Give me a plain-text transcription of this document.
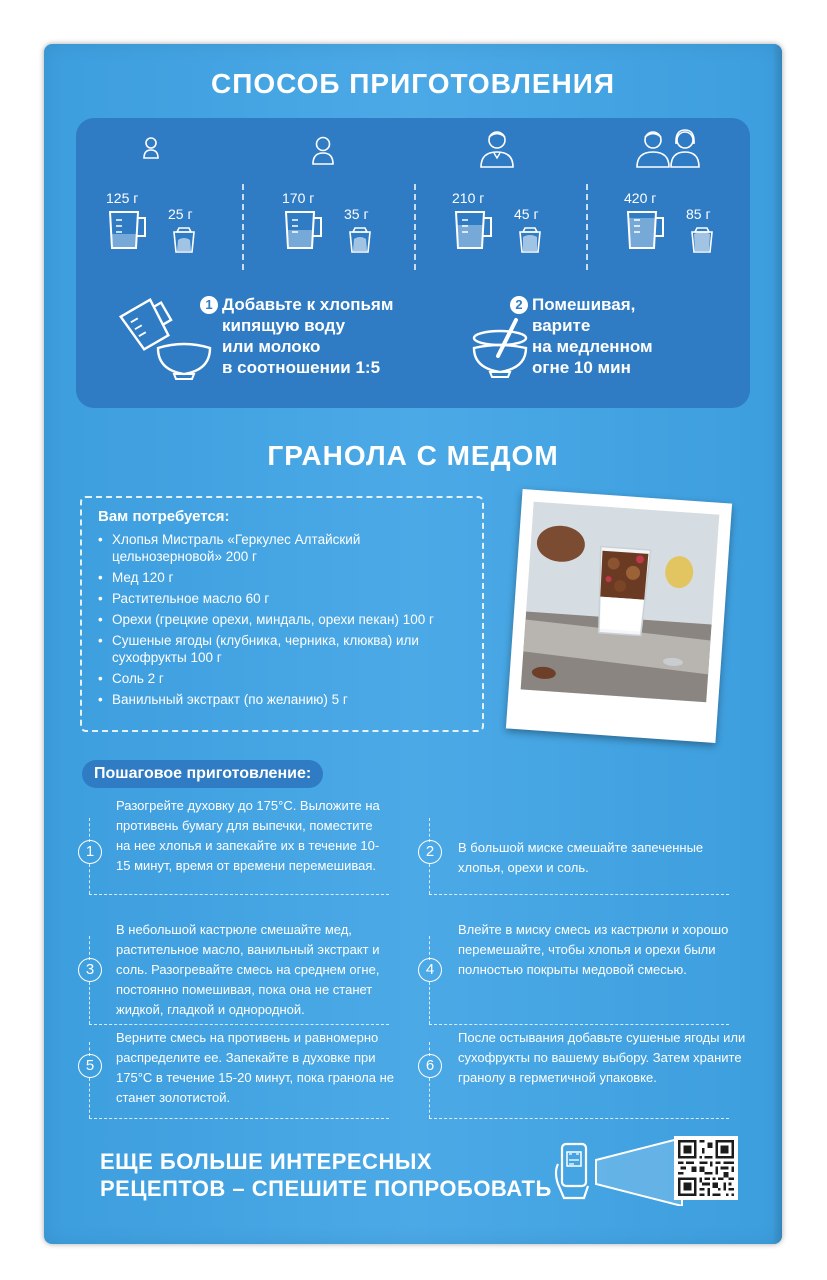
СПОСОБ ПРИГОТОВЛЕНИЯ
125 г
25 г
170 г
35 г
210 г
45 г
420 г
85 г
1 Добавьте к хлопьям
кипящую воду
или молоко
в соотношении 1:5
2 Помешивая,
варите
на медленном
огне 10 мин
ГРАНОЛА С МЕДОМ
Вам потребуется:
• Хлопья Мистраль «Геркулес Алтайский цельнозерновой» 200 г
• Мед 120 г
• Растительное масло 60 г
• Орехи (грецкие орехи, миндаль, орехи пекан) 100 г
• Сушеные ягоды (клубника, черника, клюква) или сухофрукты 100 г
• Соль 2 г
• Ванильный экстракт (по желанию) 5 г
Пошаговое приготовление:
Разогрейте духовку до 175°С. Выложите на противень бумагу для выпечки, поместите на нее хлопья и запекайте их в течение 10-15 минут, время от времени перемешивая.
1	В большой миске смешайте запеченные хлопья, орехи и соль.
2
В небольшой кастрюле смешайте мед, растительное масло, ванильный экстракт и соль. Разогревайте смесь на среднем огне, постоянно помешивая, пока она не станет жидкой, гладкой и однородной.
3
Влейте в миску смесь из кастрюли и хорошо перемешайте, чтобы хлопья и орехи были полностью покрыты медовой смесью.
4
Верните смесь на противень и равномерно распределите ее. Запекайте в духовке при 175°С в течение 15-20 минут, пока гранола не станет золотистой.
5
После остывания добавьте сушеные ягоды или сухофрукты по вашему выбору. Затем храните гранолу в герметичной упаковке.
6
ЕЩЕ БОЛЬШЕ ИНТЕРЕСНЫХ
РЕЦЕПТОВ – СПЕШИТЕ ПОПРОБОВАТЬ
